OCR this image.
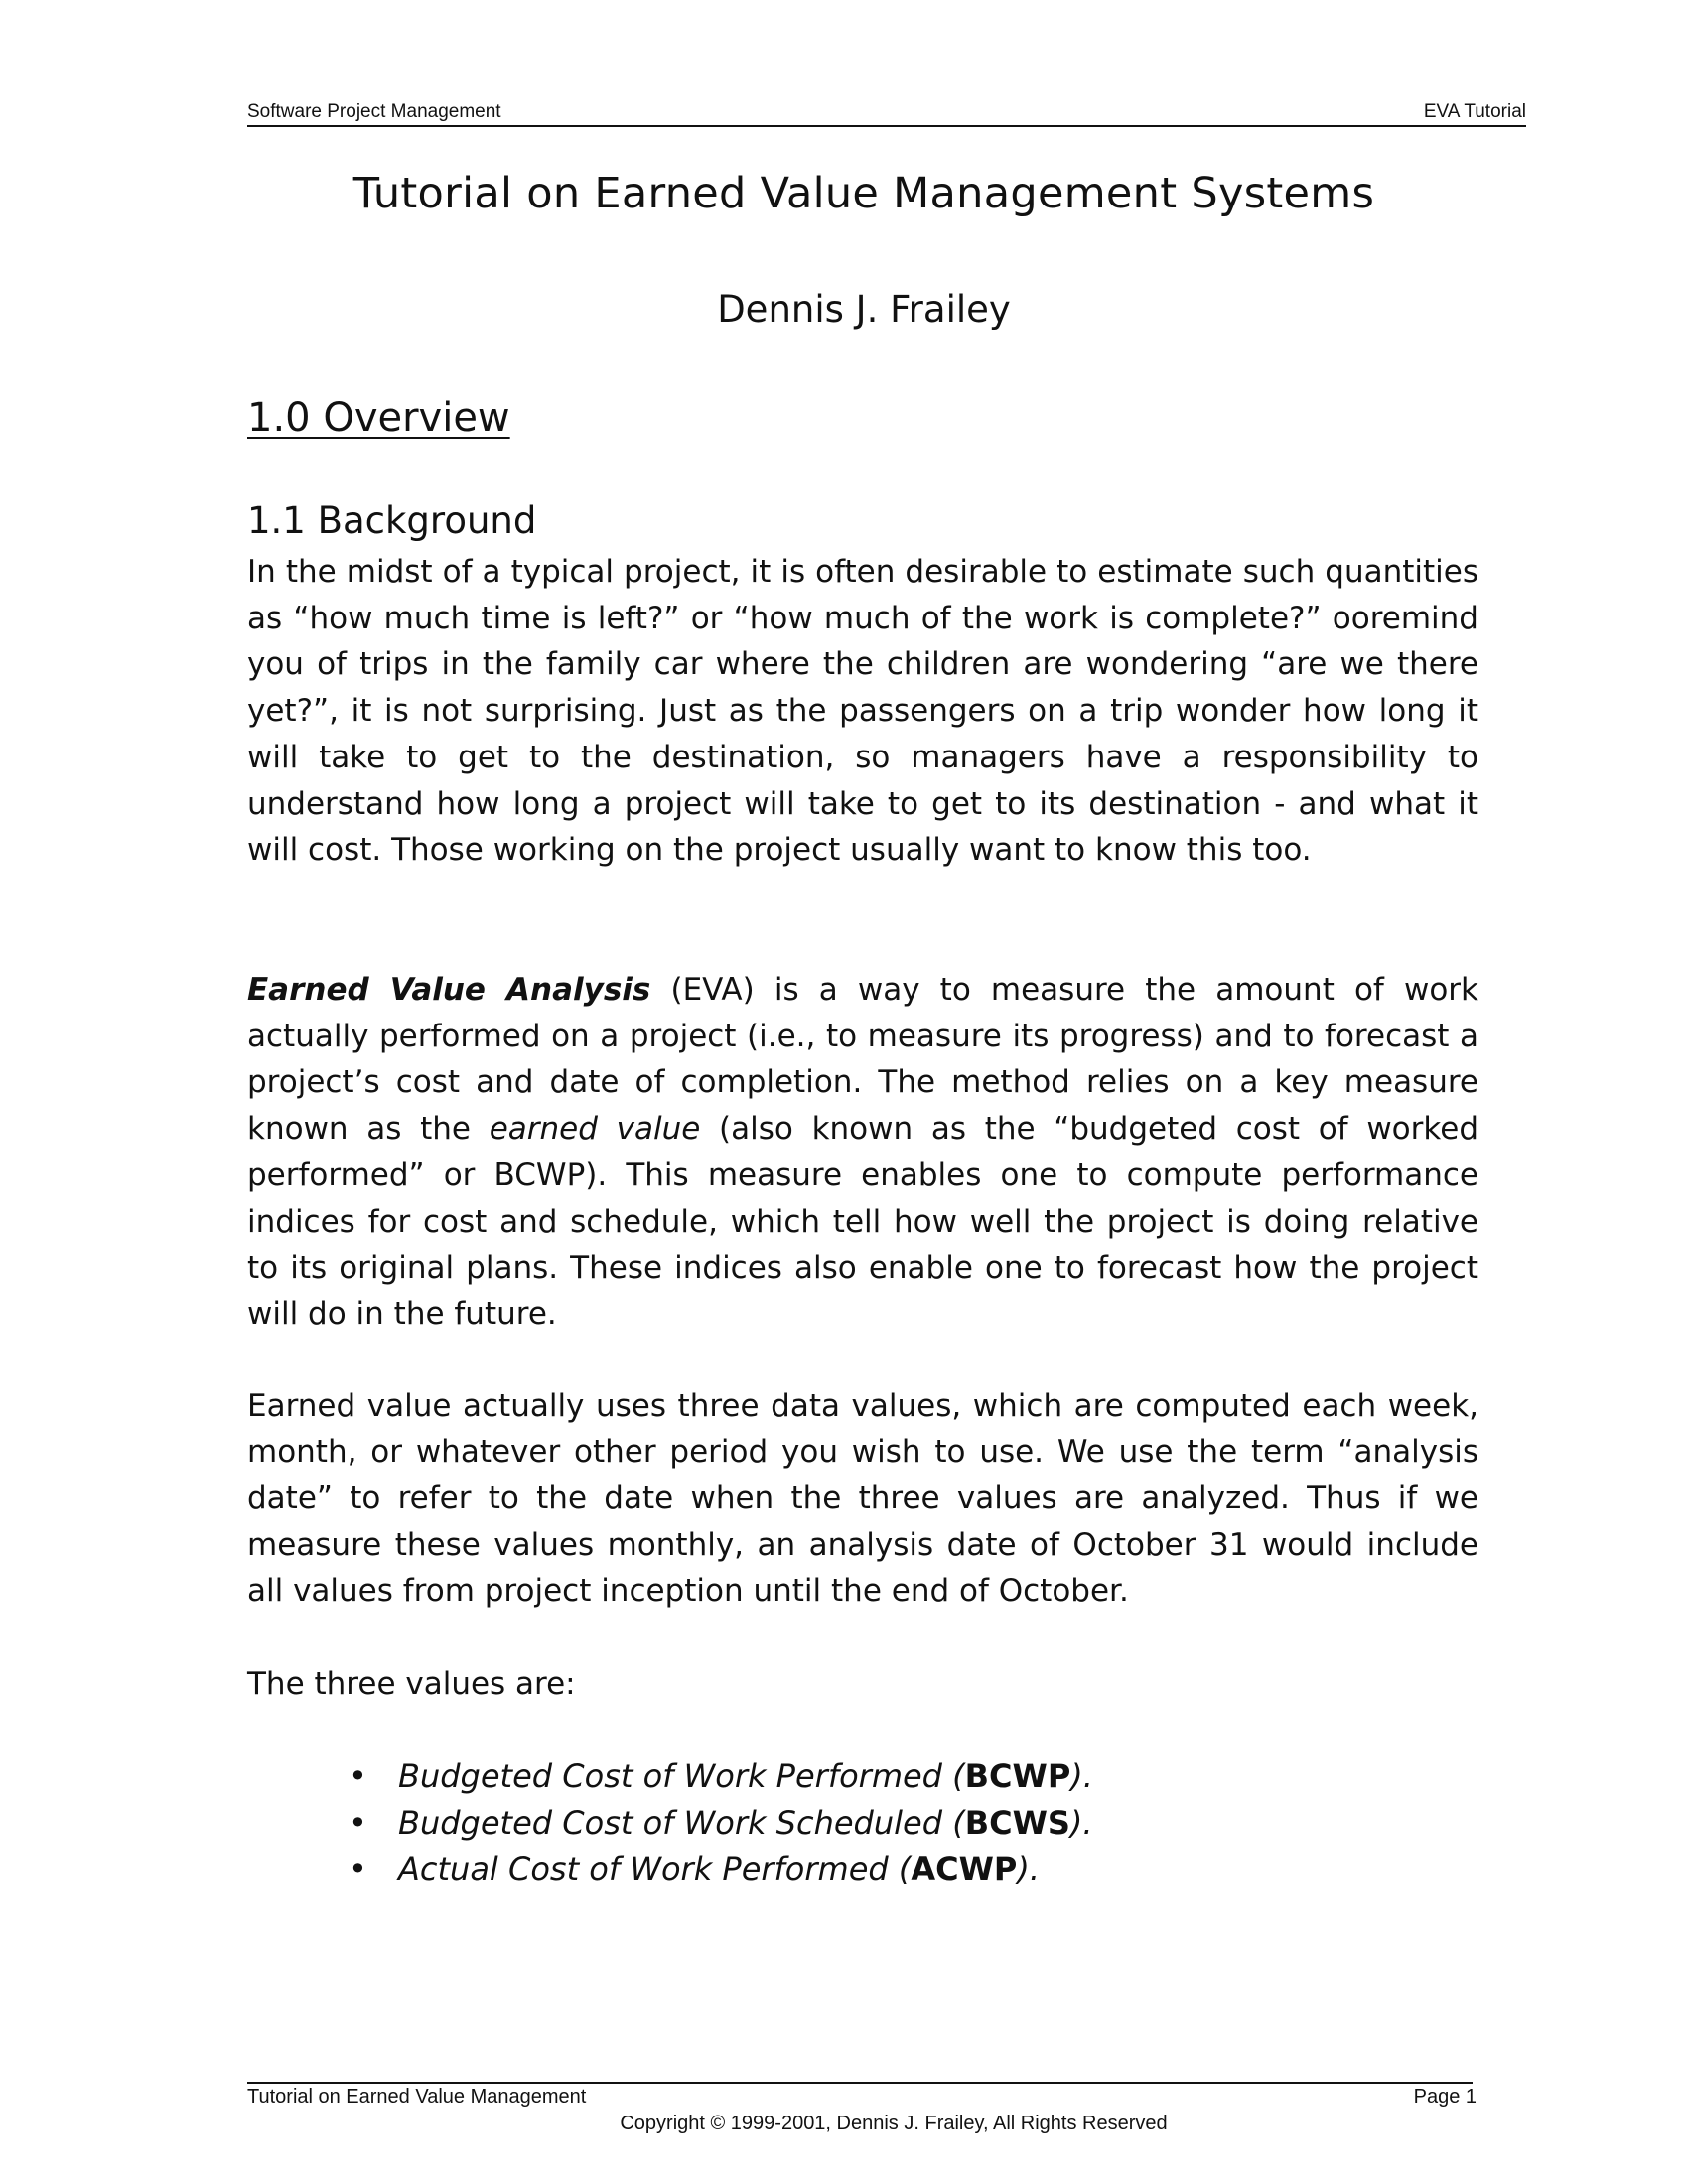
Software Project Management	EVA Tutorial
Tutorial on Earned Value Management Systems
Dennis J. Frailey
1.0 Overview
1.1 Background

In the midst of a typical project, it is often desirable to estimate such quantities as “how much time is left?” or “how much of the work is complete?” ooremind you of trips in the family car where the children are wondering “are we there yet?”, it is not surprising. Just as the passengers on a trip wonder how long it will take to get to the destination, so managers have a responsibility to understand how long a project will take to get to its destination - and what it will cost. Those working on the project usually want to know this too.

Earned Value Analysis (EVA) is a way to measure the amount of work actually performed on a project (i.e., to measure its progress) and to forecast a project’s cost and date of completion. The method relies on a key measure known as the earned value (also known as the “budgeted cost of worked performed” or BCWP). This measure enables one to compute performance indices for cost and schedule, which tell how well the project is doing relative to its original plans. These indices also enable one to forecast how the project will do in the future.

Earned value actually uses three data values, which are computed each week, month, or whatever other period you wish to use. We use the term “analysis date” to refer to the date when the three values are analyzed. Thus if we measure these values monthly, an analysis date of October 31 would include all values from project inception until the end of October.

The three values are:

• Budgeted Cost of Work Performed (BCWP).
• Budgeted Cost of Work Scheduled (BCWS).
• Actual Cost of Work Performed (ACWP).
Tutorial on Earned Value Management	Page 1
Copyright © 1999-2001, Dennis J. Frailey, All Rights Reserved
